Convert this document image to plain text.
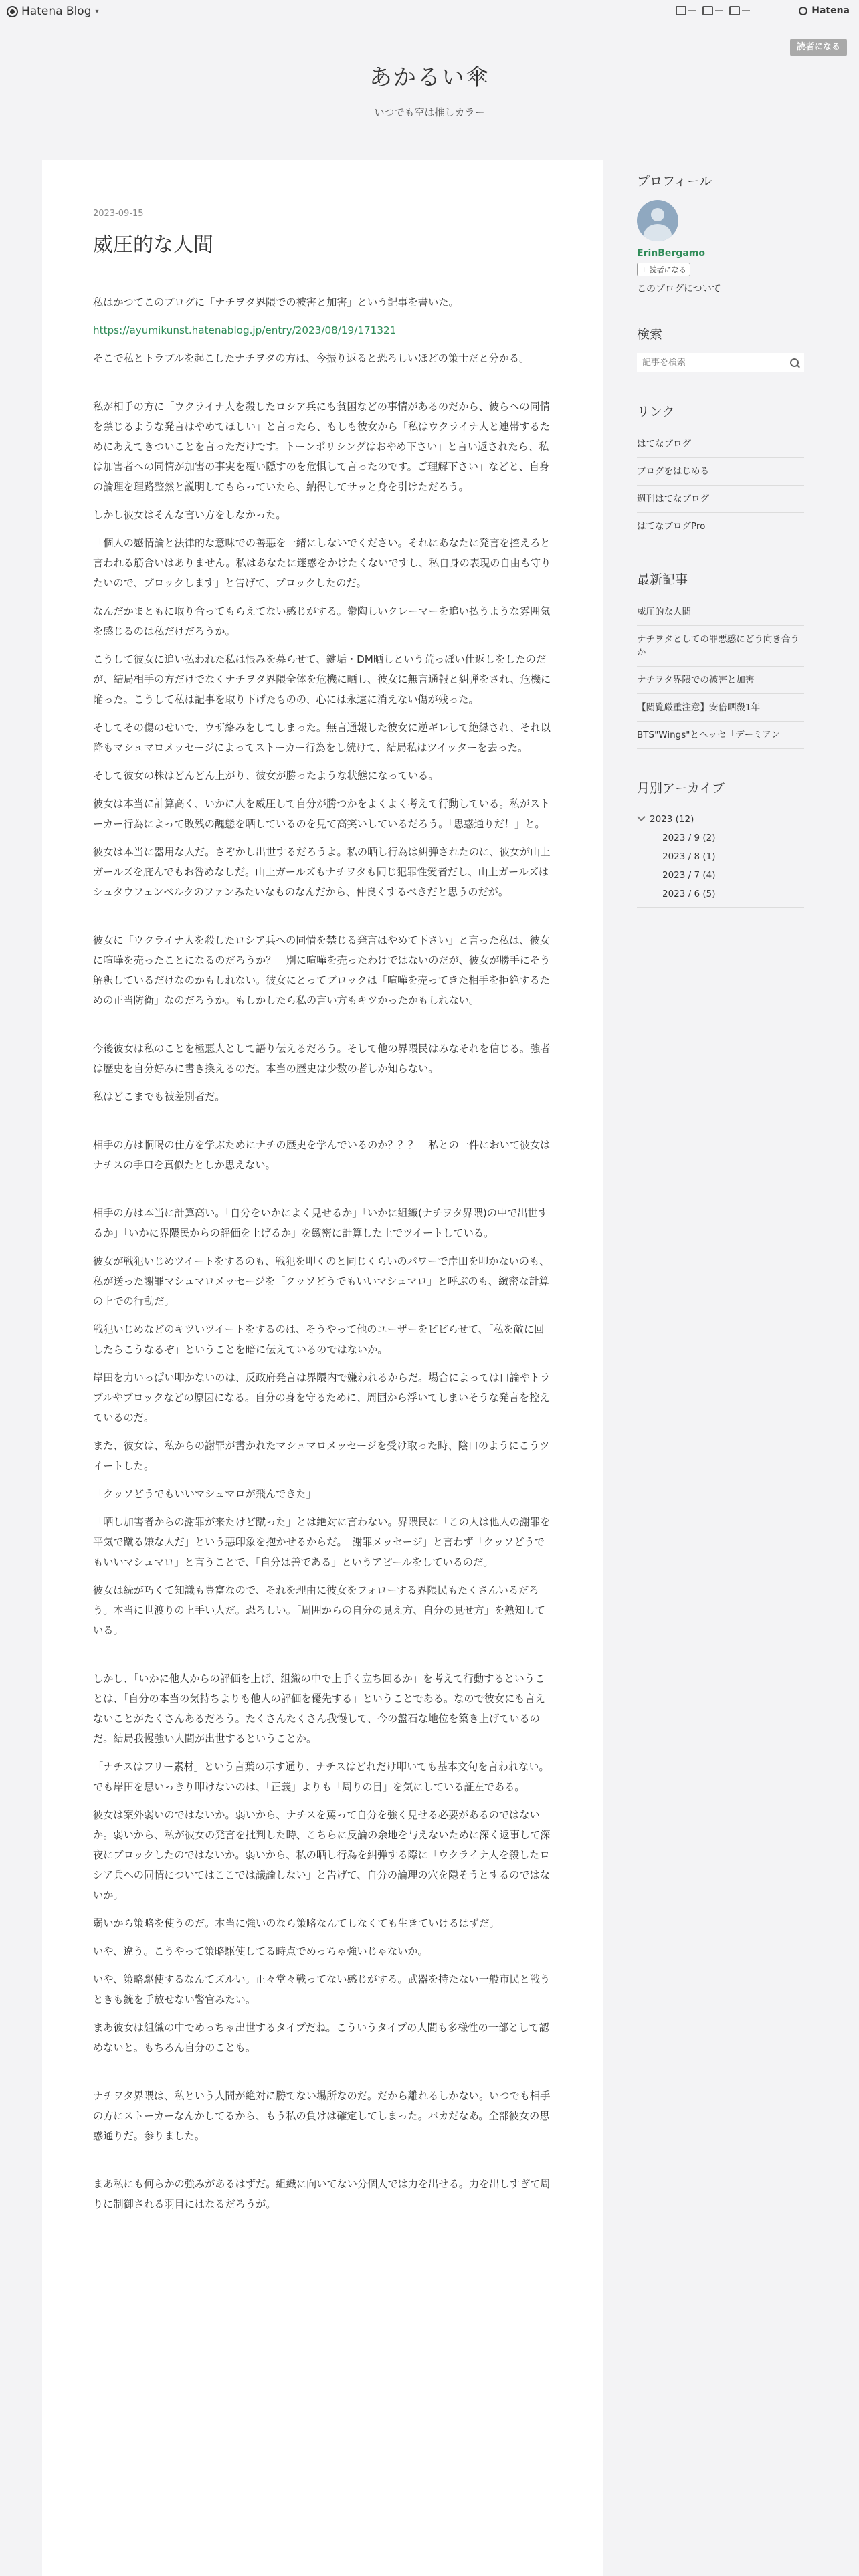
Hatena Blog ▾	Hatena
読者になる
あかるい傘
いつでも空は推しカラー
2023-09-15
威圧的な人間

私はかつてこのブログに「ナチヲタ界隈での被害と加害」という記事を書いた。

https://ayumikunst.hatenablog.jp/entry/2023/08/19/171321

そこで私とトラブルを起こしたナチヲタの方は、今振り返ると恐ろしいほどの策士だと分かる。

私が相手の方に「ウクライナ人を殺したロシア兵にも貧困などの事情があるのだから、彼らへの同情を禁じるような発言はやめてほしい」と言ったら、もしも彼女から「私はウクライナ人と連帯するためにあえてきついことを言っただけです。トーンポリシングはおやめ下さい」と言い返されたら、私は加害者への同情が加害の事実を覆い隠すのを危惧して言ったのです。ご理解下さい」などと、自身の論理を理路整然と説明してもらっていたら、納得してサッと身を引けただろう。

しかし彼女はそんな言い方をしなかった。

「個人の感情論と法律的な意味での善悪を一緒にしないでください。それにあなたに発言を控えろと言われる筋合いはありません。私はあなたに迷惑をかけたくないですし、私自身の表現の自由も守りたいので、ブロックします」と告げて、ブロックしたのだ。

なんだかまともに取り合ってもらえてない感じがする。鬱陶しいクレーマーを追い払うような雰囲気を感じるのは私だけだろうか。

こうして彼女に追い払われた私は恨みを募らせて、鍵垢・DM晒しという荒っぽい仕返しをしたのだが、結局相手の方だけでなくナチヲタ界隈全体を危機に晒し、彼女に無言通報と糾弾をされ、危機に陥った。こうして私は記事を取り下げたものの、心には永遠に消えない傷が残った。

そしてその傷のせいで、ウザ絡みをしてしまった。無言通報した彼女に逆ギレして絶縁され、それ以降もマシュマロメッセージによってストーカー行為をし続けて、結局私はツイッターを去った。

そして彼女の株はどんどん上がり、彼女が勝ったような状態になっている。

彼女は本当に計算高く、いかに人を威圧して自分が勝つかをよくよく考えて行動している。私がストーカー行為によって敗残の醜態を晒しているのを見て高笑いしているだろう。「思惑通りだ！」と。

彼女は本当に器用な人だ。さぞかし出世するだろうよ。私の晒し行為は糾弾されたのに、彼女が山上ガールズを庇んでもお咎めなしだ。山上ガールズもナチヲタも同じ犯罪性愛者だし、山上ガールズはシュタウフェンベルクのファンみたいなものなんだから、仲良くするべきだと思うのだが。

彼女に「ウクライナ人を殺したロシア兵への同情を禁じる発言はやめて下さい」と言った私は、彼女に喧嘩を売ったことになるのだろうか？　別に喧嘩を売ったわけではないのだが、彼女が勝手にそう解釈しているだけなのかもしれない。彼女にとってブロックは「喧嘩を売ってきた相手を拒絶するための正当防衛」なのだろうか。もしかしたら私の言い方もキツかったかもしれない。

今後彼女は私のことを極悪人として語り伝えるだろう。そして他の界隈民はみなそれを信じる。強者は歴史を自分好みに書き換えるのだ。本当の歴史は少数の者しか知らない。

私はどこまでも被差別者だ。

相手の方は恫喝の仕方を学ぶためにナチの歴史を学んでいるのか？？？　私との一件において彼女はナチスの手口を真似たとしか思えない。

相手の方は本当に計算高い。「自分をいかによく見せるか」「いかに組織(ナチヲタ界隈)の中で出世するか」「いかに界隈民からの評価を上げるか」を緻密に計算した上でツイートしている。

彼女が戦犯いじめツイートをするのも、戦犯を叩くのと同じくらいのパワーで岸田を叩かないのも、私が送った謝罪マシュマロメッセージを「クッソどうでもいいマシュマロ」と呼ぶのも、緻密な計算の上での行動だ。

戦犯いじめなどのキツいツイートをするのは、そうやって他のユーザーをビビらせて、「私を敵に回したらこうなるぞ」ということを暗に伝えているのではないか。

岸田を力いっぱい叩かないのは、反政府発言は界隈内で嫌われるからだ。場合によっては口論やトラブルやブロックなどの原因になる。自分の身を守るために、周囲から浮いてしまいそうな発言を控えているのだ。

また、彼女は、私からの謝罪が書かれたマシュマロメッセージを受け取った時、陰口のようにこうツイートした。

「クッソどうでもいいマシュマロが飛んできた」

「晒し加害者からの謝罪が来たけど蹴った」とは絶対に言わない。界隈民に「この人は他人の謝罪を平気で蹴る嫌な人だ」という悪印象を抱かせるからだ。「謝罪メッセージ」と言わず「クッソどうでもいいマシュマロ」と言うことで、「自分は善である」というアピールをしているのだ。

彼女は続が巧くて知識も豊富なので、それを理由に彼女をフォローする界隈民もたくさんいるだろう。本当に世渡りの上手い人だ。恐ろしい。「周囲からの自分の見え方、自分の見せ方」を熟知している。

しかし、「いかに他人からの評価を上げ、組織の中で上手く立ち回るか」を考えて行動するということは、「自分の本当の気持ちよりも他人の評価を優先する」ということである。なので彼女にも言えないことがたくさんあるだろう。たくさんたくさん我慢して、今の盤石な地位を築き上げているのだ。結局我慢強い人間が出世するということか。

「ナチスはフリー素材」という言葉の示す通り、ナチスはどれだけ叩いても基本文句を言われない。でも岸田を思いっきり叩けないのは、「正義」よりも「周りの目」を気にしている証左である。

彼女は案外弱いのではないか。弱いから、ナチスを罵って自分を強く見せる必要があるのではないか。弱いから、私が彼女の発言を批判した時、こちらに反論の余地を与えないために深く返事して深夜にブロックしたのではないか。弱いから、私の晒し行為を糾弾する際に「ウクライナ人を殺したロシア兵への同情についてはここでは議論しない」と告げて、自分の論理の穴を隠そうとするのではないか。

弱いから策略を使うのだ。本当に強いのなら策略なんてしなくても生きていけるはずだ。

いや、違う。こうやって策略駆使してる時点でめっちゃ強いじゃないか。

いや、策略駆使するなんてズルい。正々堂々戦ってない感じがする。武器を持たない一般市民と戦うときも銃を手放せない警官みたい。

まあ彼女は組織の中でめっちゃ出世するタイプだね。こういうタイプの人間も多様性の一部として認めないと。もちろん自分のことも。

ナチヲタ界隈は、私という人間が絶対に勝てない場所なのだ。だから離れるしかない。いつでも相手の方にストーカーなんかしてるから、もう私の負けは確定してしまった。バカだなあ。全部彼女の思惑通りだ。参りました。

まあ私にも何らかの強みがあるはずだ。組織に向いてない分個人では力を出せる。力を出しすぎて周りに制御される羽目にはなるだろうが。

プロフィール
ErinBergamo
+ 読者になる
このブログについて
検索
記事を検索
リンク
はてなブログ
ブログをはじめる
週刊はてなブログ
はてなブログPro
最新記事
威圧的な人間
ナチヲタとしての罪悪感にどう向き合うか
ナチヲタ界隈での被害と加害
【閲覧厳重注意】安倍晒殺1年
BTS"Wings"とヘッセ「デーミアン」
月別アーカイブ
2023 (12)
2023 / 9 (2)
2023 / 8 (1)
2023 / 7 (4)
2023 / 6 (5)
